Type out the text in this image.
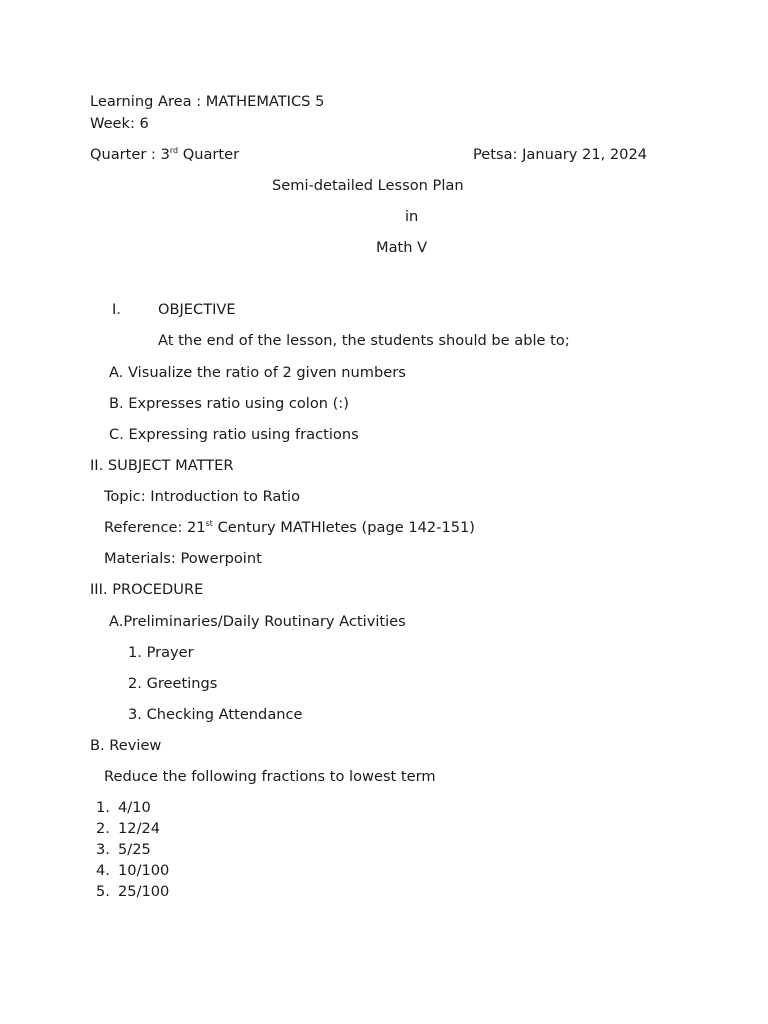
Learning Area : MATHEMATICS 5
Week: 6
Quarter : 3rd Quarter	Petsa: January 21, 2024
Semi-detailed Lesson Plan
in
Math V
I.	OBJECTIVE
At the end of the lesson, the students should be able to;
A. Visualize the ratio of 2 given numbers
B. Expresses ratio using colon (:)
C. Expressing ratio using fractions
II. SUBJECT MATTER
Topic: Introduction to Ratio
Reference: 21st Century MATHletes (page 142-151)
Materials: Powerpoint
III. PROCEDURE
A.Preliminaries/Daily Routinary Activities
1. Prayer
2. Greetings
3. Checking Attendance
B. Review
Reduce the following fractions to lowest term
1. 4/10
2. 12/24
3. 5/25
4. 10/100
5. 25/100
